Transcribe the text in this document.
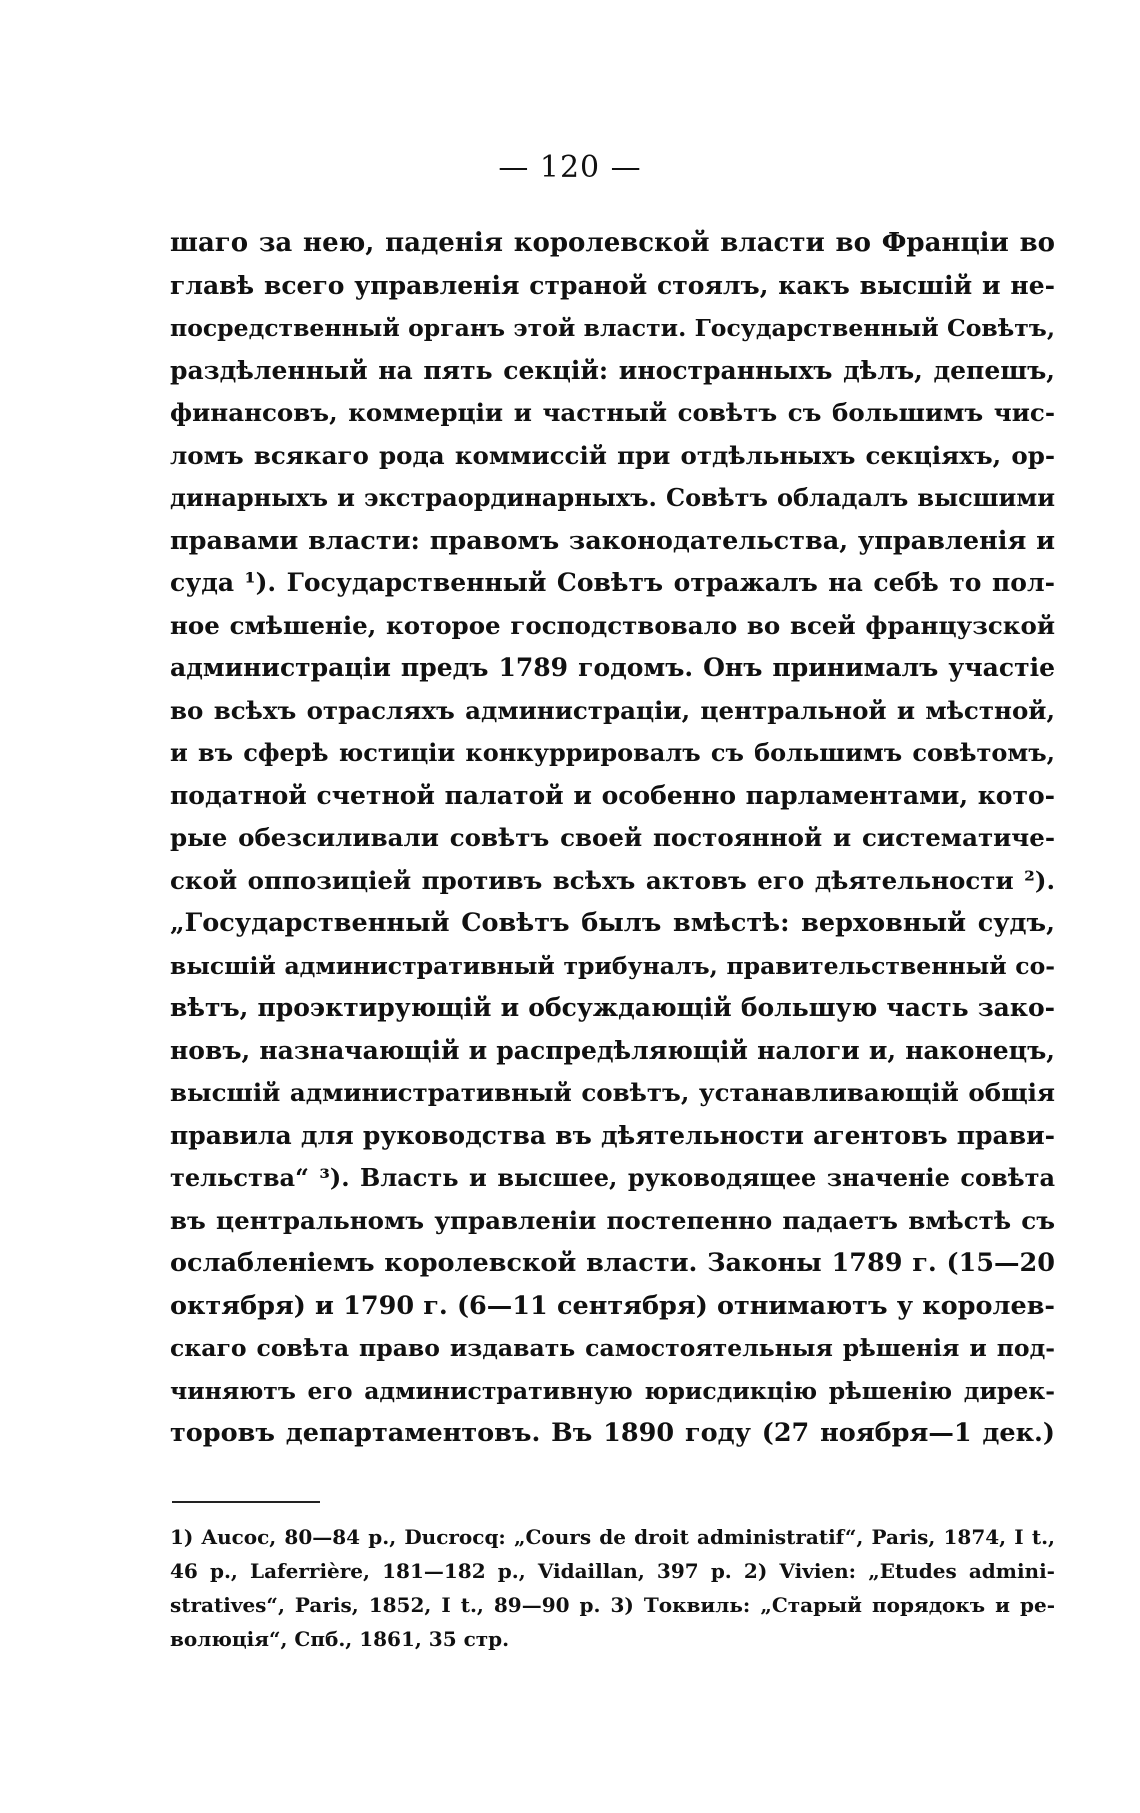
— 120 —
шаго за нею, паденія королевской власти во Франціи во
главѣ всего управленія страной стоялъ, какъ высшій и не-
посредственный органъ этой власти. Государственный Совѣтъ,
раздѣленный на пять секцій: иностранныхъ дѣлъ, депешъ,
финансовъ, коммерціи и частный совѣтъ съ большимъ чис-
ломъ всякаго рода коммиссій при отдѣльныхъ секціяхъ, ор-
динарныхъ и экстраординарныхъ. Совѣтъ обладалъ высшими
правами власти: правомъ законодательства, управленія и
суда ¹). Государственный Совѣтъ отражалъ на себѣ то пол-
ное смѣшеніе, которое господствовало во всей французской
администраціи предъ 1789 годомъ. Онъ принималъ участіе
во всѣхъ отрасляхъ администраціи, центральной и мѣстной,
и въ сферѣ юстиціи конкуррировалъ съ большимъ совѣтомъ,
податной счетной палатой и особенно парламентами, кото-
рые обезсиливали совѣтъ своей постоянной и систематиче-
ской оппозиціей противъ всѣхъ актовъ его дѣятельности ²).
„Государственный Совѣтъ былъ вмѣстѣ: верховный судъ,
высшій административный трибуналъ, правительственный со-
вѣтъ, проэктирующій и обсуждающій большую часть зако-
новъ, назначающій и распредѣляющій налоги и, наконецъ,
высшій административный совѣтъ, устанавливающій общія
правила для руководства въ дѣятельности агентовъ прави-
тельства“ ³). Власть и высшее, руководящее значеніе совѣта
въ центральномъ управленіи постепенно падаетъ вмѣстѣ съ
ослабленіемъ королевской власти. Законы 1789 г. (15—20
октября) и 1790 г. (6—11 сентября) отнимаютъ у королев-
скаго совѣта право издавать самостоятельныя рѣшенія и под-
чиняютъ его административную юрисдикцію рѣшенію дирек-
торовъ департаментовъ. Въ 1890 году (27 ноября—1 дек.)
1) Aucoc, 80—84 p., Ducrocq: „Cours de droit administratif“, Paris, 1874, I t.,
46 p., Laferrière, 181—182 p., Vidaillan, 397 p. 2) Vivien: „Etudes admini-
stratives“, Paris, 1852, I t., 89—90 p. 3) Токвиль: „Старый порядокъ и ре-
волюція“, Спб., 1861, 35 стр.
